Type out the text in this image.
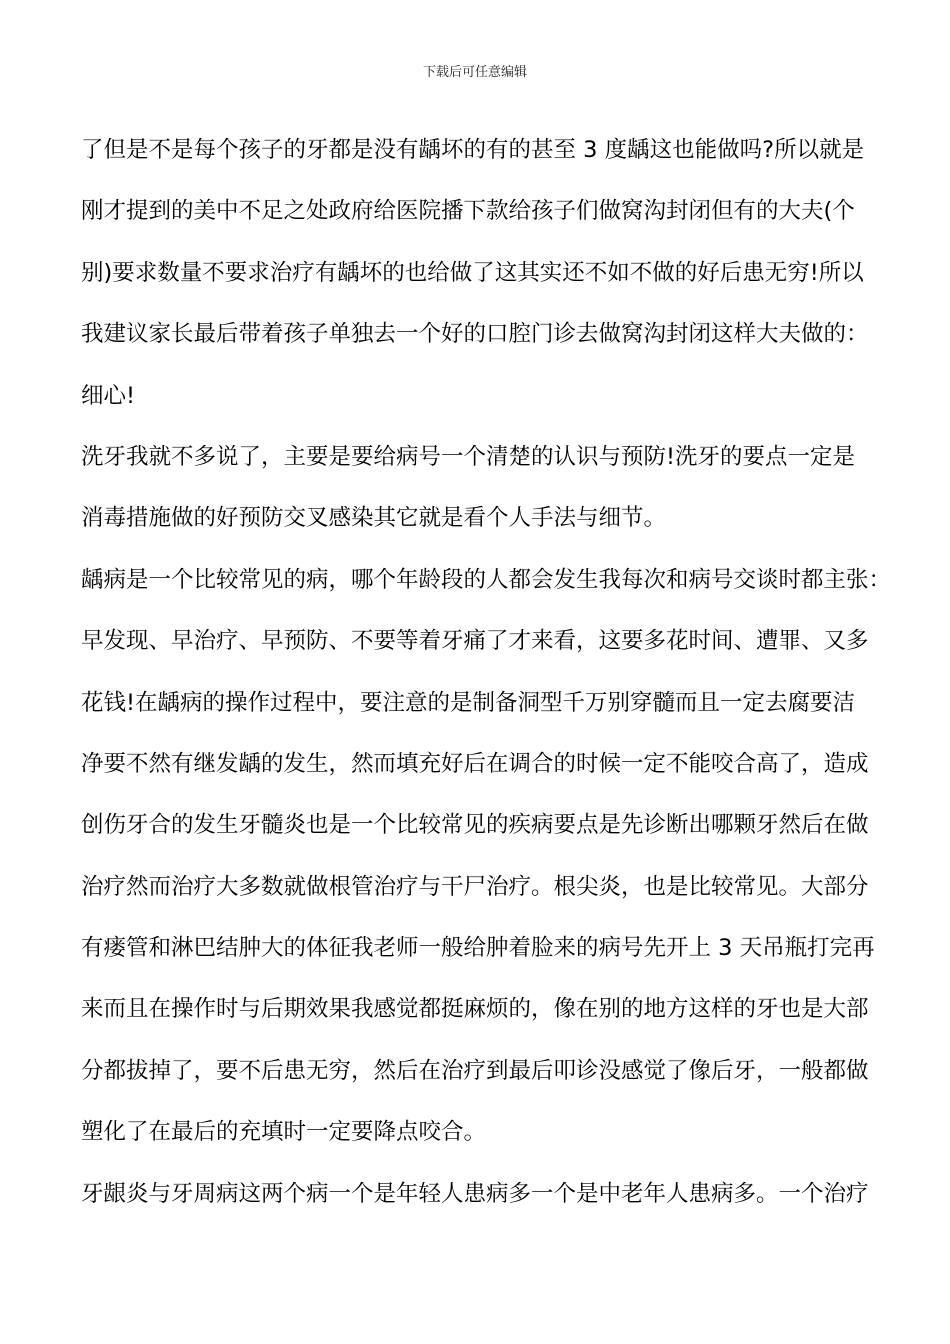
下载后可任意编辑
了但是不是每个孩子的牙都是没有龋坏的有的甚至 3 度龋这也能做吗?所以就是
刚才提到的美中不足之处政府给医院播下款给孩子们做窝沟封闭但有的大夫(个
别)要求数量不要求治疗有龋坏的也给做了这其实还不如不做的好后患无穷!所以
我建议家长最后带着孩子单独去一个好的口腔门诊去做窝沟封闭这样大夫做的：
细心!
洗牙我就不多说了，主要是要给病号一个清楚的认识与预防!洗牙的要点一定是
消毒措施做的好预防交叉感染其它就是看个人手法与细节。
龋病是一个比较常见的病，哪个年龄段的人都会发生我每次和病号交谈时都主张：
早发现、早治疗、早预防、不要等着牙痛了才来看，这要多花时间、遭罪、又多
花钱!在龋病的操作过程中，要注意的是制备洞型千万别穿髓而且一定去腐要洁
净要不然有继发龋的发生，然而填充好后在调合的时候一定不能咬合高了，造成
创伤牙合的发生牙髓炎也是一个比较常见的疾病要点是先诊断出哪颗牙然后在做
治疗然而治疗大多数就做根管治疗与干尸治疗。根尖炎，也是比较常见。大部分
有瘘管和淋巴结肿大的体征我老师一般给肿着脸来的病号先开上 3 天吊瓶打完再
来而且在操作时与后期效果我感觉都挺麻烦的，像在别的地方这样的牙也是大部
分都拔掉了，要不后患无穷，然后在治疗到最后叩诊没感觉了像后牙，一般都做
塑化了在最后的充填时一定要降点咬合。
牙龈炎与牙周病这两个病一个是年轻人患病多一个是中老年人患病多。一个治疗
